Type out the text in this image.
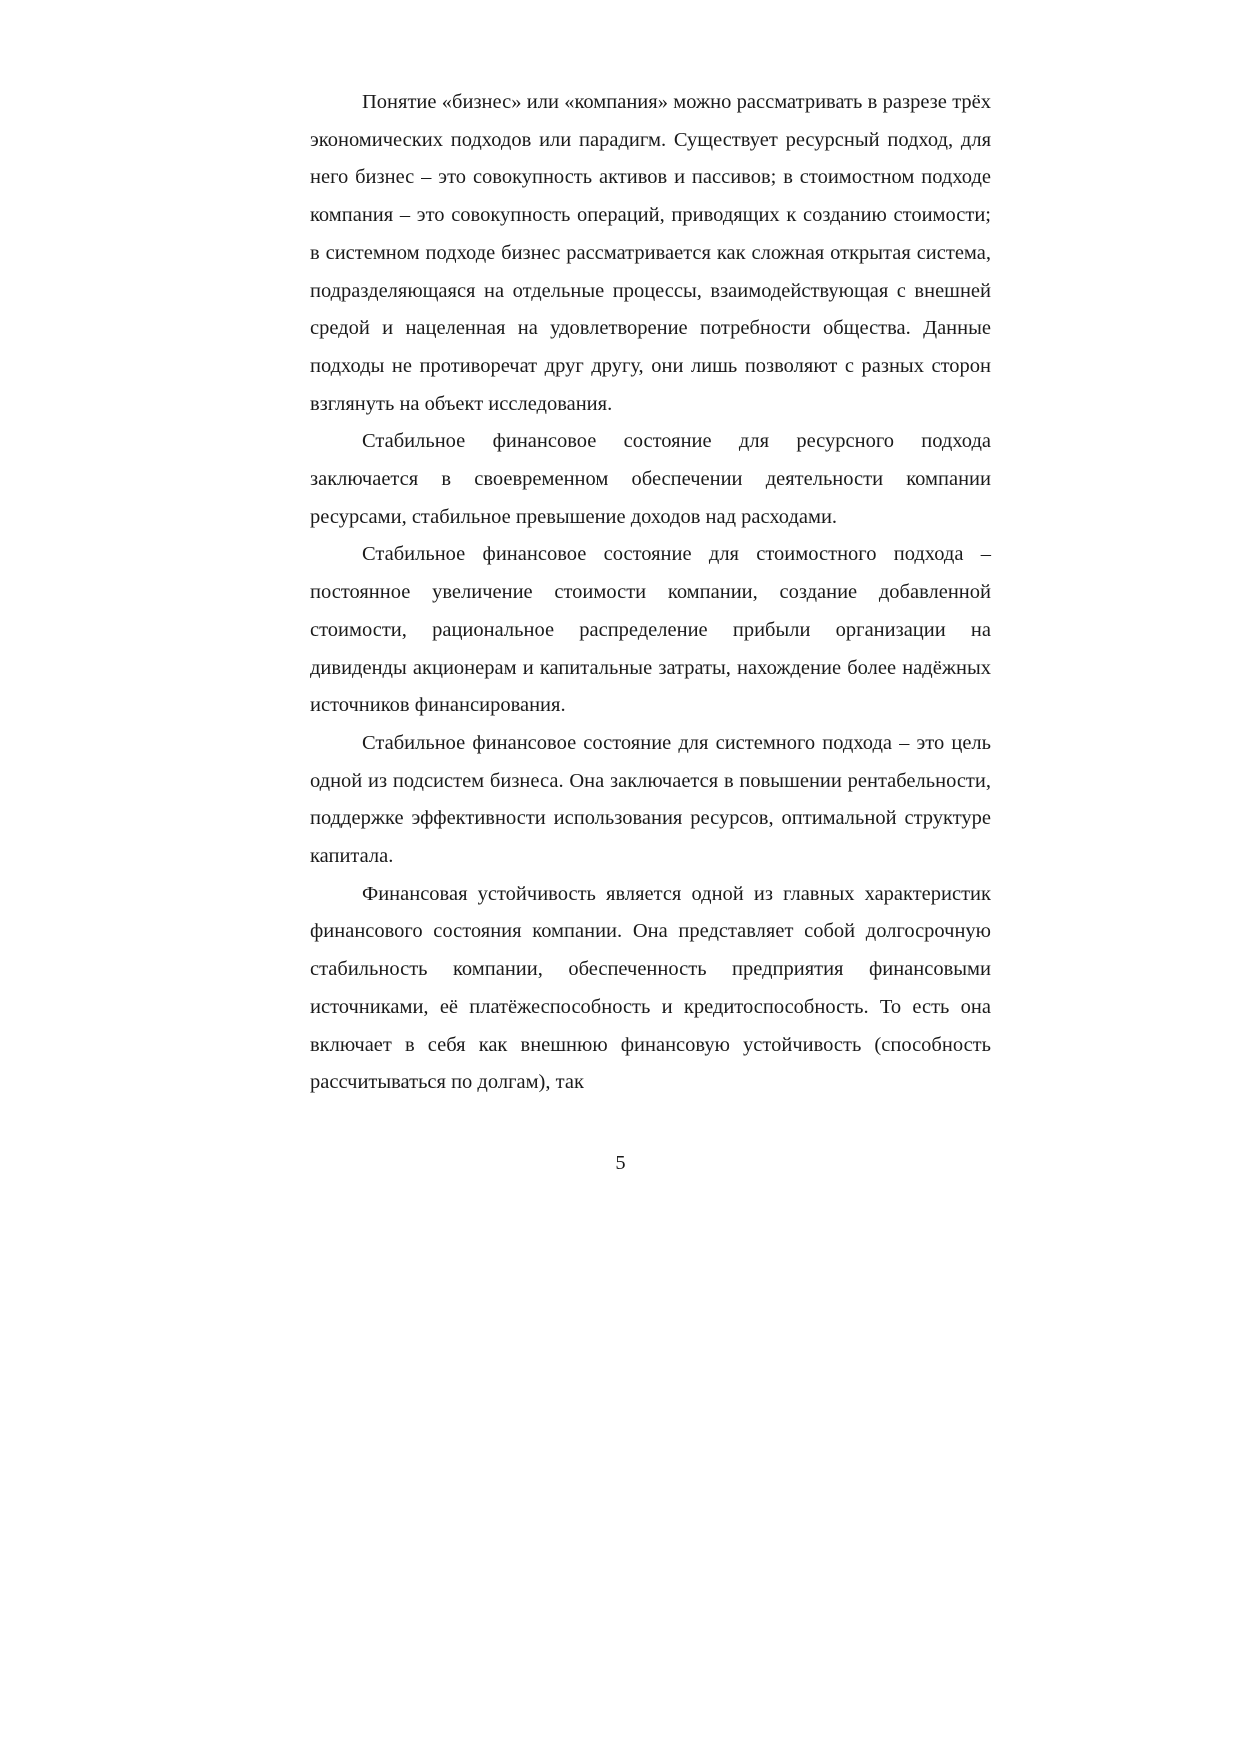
Понятие «бизнес» или «компания» можно рассматривать в разрезе трёх экономических подходов или парадигм. Существует ресурсный подход, для него бизнес – это совокупность активов и пассивов; в стоимостном подходе компания – это совокупность операций, приводящих к созданию стоимости; в системном подходе бизнес рассматривается как сложная открытая система, подразделяющаяся на отдельные процессы, взаимодействующая с внешней средой и нацеленная на удовлетворение потребности общества. Данные подходы не противоречат друг другу, они лишь позволяют с разных сторон взглянуть на объект исследования.

Стабильное финансовое состояние для ресурсного подхода заключается в своевременном обеспечении деятельности компании ресурсами, стабильное превышение доходов над расходами.

Стабильное финансовое состояние для стоимостного подхода – постоянное увеличение стоимости компании, создание добавленной стоимости, рациональное распределение прибыли организации на дивиденды акционерам и капитальные затраты, нахождение более надёжных источников финансирования.

Стабильное финансовое состояние для системного подхода – это цель одной из подсистем бизнеса. Она заключается в повышении рентабельности, поддержке эффективности использования ресурсов, оптимальной структуре капитала.

Финансовая устойчивость является одной из главных характеристик финансового состояния компании. Она представляет собой долгосрочную стабильность компании, обеспеченность предприятия финансовыми источниками, её платёжеспособность и кредитоспособность. То есть она включает в себя как внешнюю финансовую устойчивость (способность рассчитываться по долгам), так

5
